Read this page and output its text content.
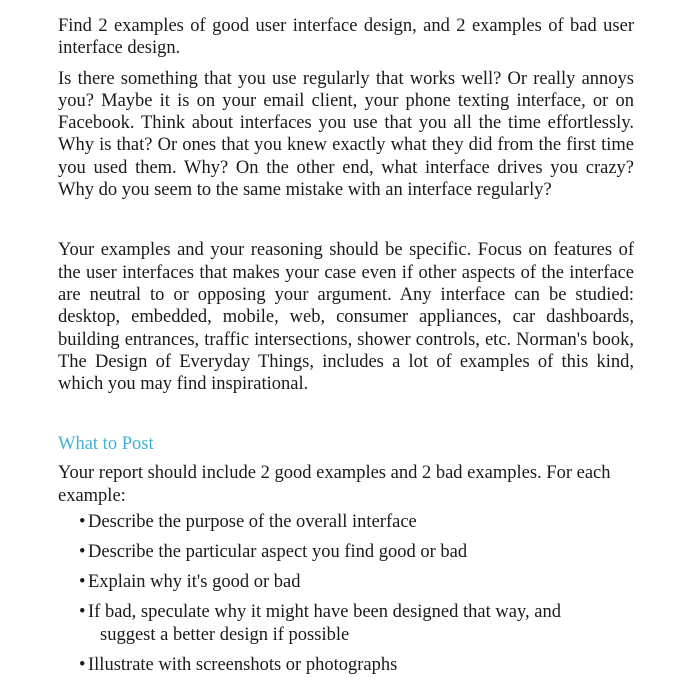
Find 2 examples of good user interface design, and 2 examples of bad user interface design.

Is there something that you use regularly that works well? Or really annoys you? Maybe it is on your email client, your phone texting interface, or on Facebook. Think about interfaces you use that you all the time effortlessly. Why is that? Or ones that you knew exactly what they did from the first time you used them. Why? On the other end, what interface drives you crazy? Why do you seem to the same mistake with an interface regularly?

Your examples and your reasoning should be specific. Focus on features of the user interfaces that makes your case even if other aspects of the interface are neutral to or opposing your argument. Any interface can be studied: desktop, embedded, mobile, web, consumer appliances, car dashboards, building entrances, traffic intersections, shower controls, etc. Norman's book, The Design of Everyday Things, includes a lot of examples of this kind, which you may find inspirational.

What to Post

Your report should include 2 good examples and 2 bad examples. For each example:

• Describe the purpose of the overall interface
• Describe the particular aspect you find good or bad
• Explain why it's good or bad
• If bad, speculate why it might have been designed that way, and
suggest a better design if possible
• Illustrate with screenshots or photographs
